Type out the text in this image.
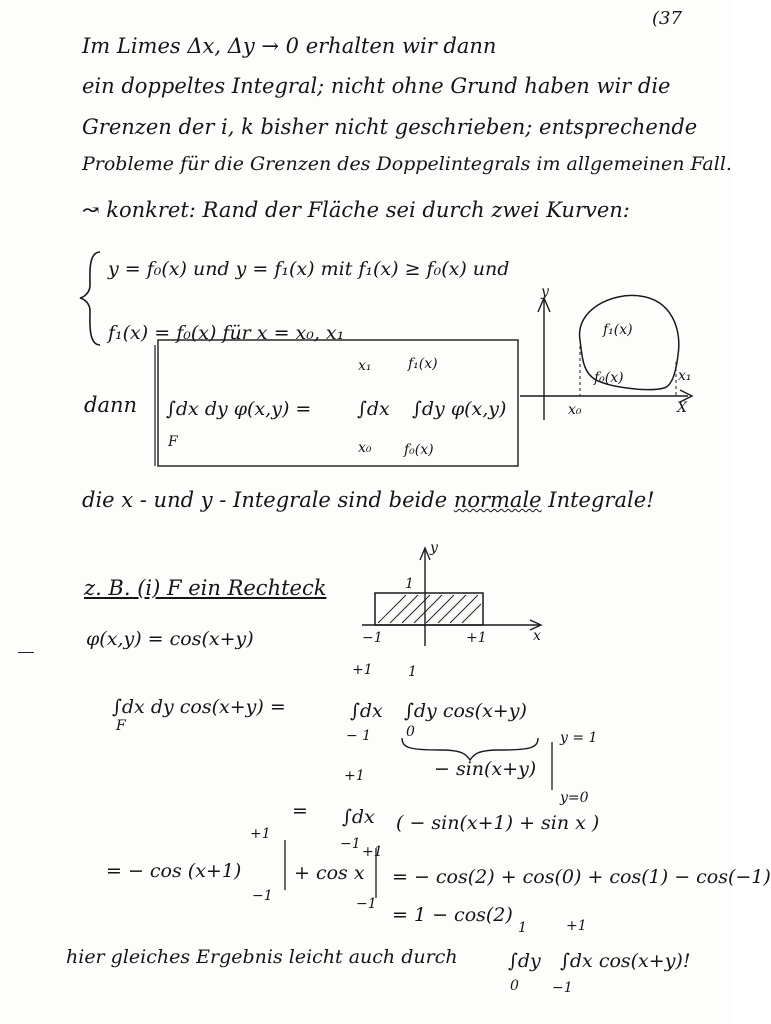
(37
Im Limes Δx, Δy → 0 erhalten wir dann
ein doppeltes Integral; nicht ohne Grund haben wir die
Grenzen der i, k bisher nicht geschrieben; entsprechende
Probleme für die Grenzen des Doppelintegrals im allgemeinen Fall.
↝ konkret: Rand der Fläche sei durch zwei Kurven:
y = f₀(x) und y = f₁(x) mit f₁(x) ≥ f₀(x) und
f₁(x) = f₀(x) für x = x₀, x₁
dann ∫dx dy φ(x,y) =
F
∫dx
x₁
x₀
∫dy φ(x,y)
f₁(x)
f₀(x)
y
X
f₁(x)
f₀(x)
x₀
x₁
die x - und y - Integrale sind beide normale Integrale!
z. B. (i) F ein Rechteck
φ(x,y) = cos(x+y)
y
x
1
−1	+1
∫dx dy cos(x+y) =
F
∫dx
+1
− 1
∫dy cos(x+y)
1
0
− sin(x+y)
y = 1
y=0
= ∫dx
+1
−1
( − sin(x+1) + sin x )
= − cos (x+1)
+1
−1
+ cos x
+1
−1
= − cos(2) + cos(0) + cos(1) − cos(−1)
= 1 − cos(2)
hier gleiches Ergebnis leicht auch durch	∫dy
1
0
∫dx cos(x+y)!
+1
−1
